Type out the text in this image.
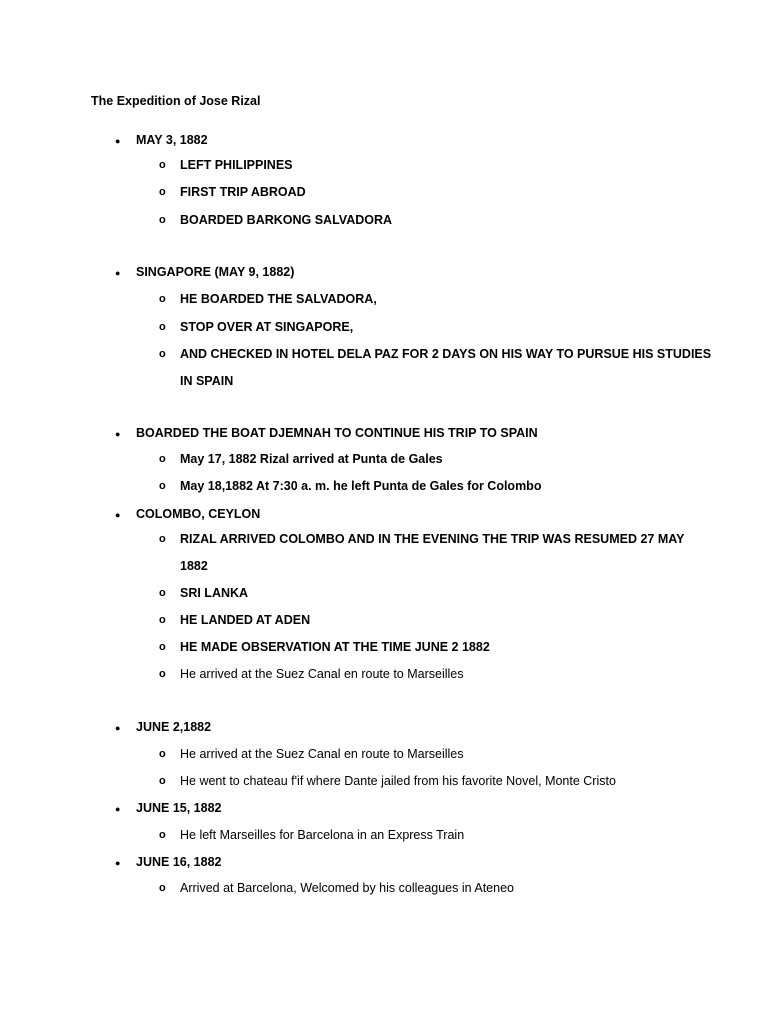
The Expedition of Jose Rizal
● MAY 3, 1882
o LEFT PHILIPPINES
o FIRST TRIP ABROAD
o BOARDED BARKONG SALVADORA
● SINGAPORE (MAY 9, 1882)
o HE BOARDED THE SALVADORA,
o STOP OVER AT SINGAPORE,
o AND CHECKED IN HOTEL DELA PAZ FOR 2 DAYS ON HIS WAY TO PURSUE HIS STUDIES
IN SPAIN
● BOARDED THE BOAT DJEMNAH TO CONTINUE HIS TRIP TO SPAIN
o May 17, 1882 Rizal arrived at Punta de Gales
o May 18,1882 At 7:30 a. m. he left Punta de Gales for Colombo
● COLOMBO, CEYLON
o RIZAL ARRIVED COLOMBO AND IN THE EVENING THE TRIP WAS RESUMED 27 MAY
1882
o SRI LANKA
o HE LANDED AT ADEN
o HE MADE OBSERVATION AT THE TIME JUNE 2 1882
o He arrived at the Suez Canal en route to Marseilles
● JUNE 2,1882
o He arrived at the Suez Canal en route to Marseilles
o He went to chateau f'if where Dante jailed from his favorite Novel, Monte Cristo
● JUNE 15, 1882
o He left Marseilles for Barcelona in an Express Train
● JUNE 16, 1882
o Arrived at Barcelona, Welcomed by his colleagues in Ateneo
